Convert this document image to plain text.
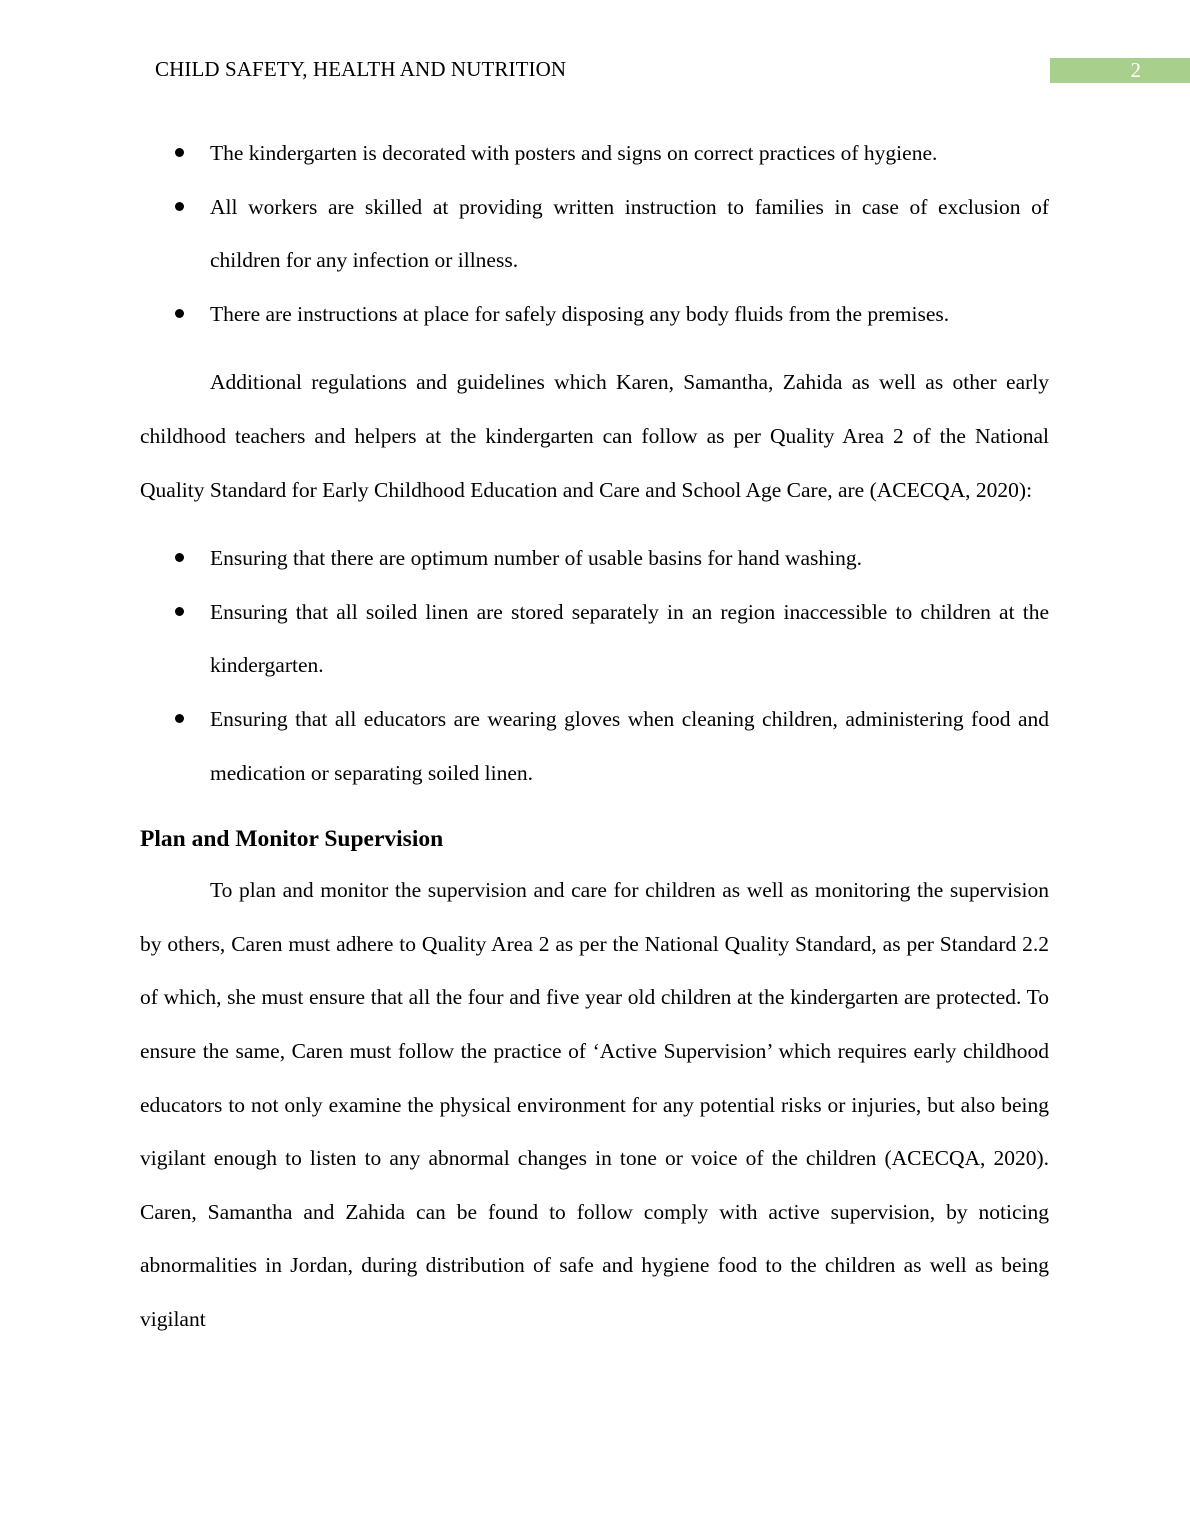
CHILD SAFETY, HEALTH AND NUTRITION	2
The kindergarten is decorated with posters and signs on correct practices of hygiene.
All workers are skilled at providing written instruction to families in case of exclusion of children for any infection or illness.
There are instructions at place for safely disposing any body fluids from the premises.

Additional regulations and guidelines which Karen, Samantha, Zahida as well as other early childhood teachers and helpers at the kindergarten can follow as per Quality Area 2 of the National Quality Standard for Early Childhood Education and Care and School Age Care, are (ACECQA, 2020):

Ensuring that there are optimum number of usable basins for hand washing.
Ensuring that all soiled linen are stored separately in an region inaccessible to children at the kindergarten.
Ensuring that all educators are wearing gloves when cleaning children, administering food and medication or separating soiled linen.
Plan and Monitor Supervision

To plan and monitor the supervision and care for children as well as monitoring the supervision by others, Caren must adhere to Quality Area 2 as per the National Quality Standard, as per Standard 2.2 of which, she must ensure that all the four and five year old children at the kindergarten are protected. To ensure the same, Caren must follow the practice of ‘Active Supervision’ which requires early childhood educators to not only examine the physical environment for any potential risks or injuries, but also being vigilant enough to listen to any abnormal changes in tone or voice of the children (ACECQA, 2020). Caren, Samantha and Zahida can be found to follow comply with active supervision, by noticing abnormalities in Jordan, during distribution of safe and hygiene food to the children as well as being vigilant
